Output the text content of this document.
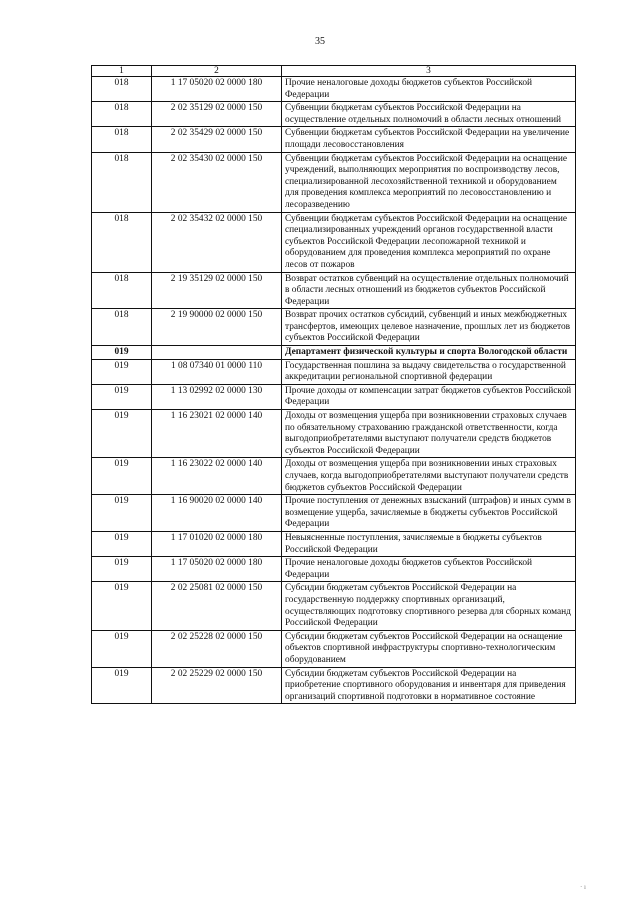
35
1	2	3
018	1 17 05020 02 0000 180	Прочие неналоговые доходы бюджетов субъектов Российской Федерации
018	2 02 35129 02 0000 150	Субвенции бюджетам субъектов Российской Федерации на осуществление отдельных полномочий в области лесных отношений
018	2 02 35429 02 0000 150	Субвенции бюджетам субъектов Российской Федерации на увеличение площади лесовосстановления
018	2 02 35430 02 0000 150	Субвенции бюджетам субъектов Российской Федерации на оснащение учреждений, выполняющих мероприятия по воспроизводству лесов, специализированной лесохозяйственной техникой и оборудованием для проведения комплекса мероприятий по лесовосстановлению и лесоразведению
018	2 02 35432 02 0000 150	Субвенции бюджетам субъектов Российской Федерации на оснащение специализированных учреждений органов государственной власти субъектов Российской Федерации лесопожарной техникой и оборудованием для проведения комплекса мероприятий по охране лесов от пожаров
018	2 19 35129 02 0000 150	Возврат остатков субвенций на осуществление отдельных полномочий в области лесных отношений из бюджетов субъектов Российской Федерации
018	2 19 90000 02 0000 150	Возврат прочих остатков субсидий, субвенций и иных межбюджетных трансфертов, имеющих целевое назначение, прошлых лет из бюджетов субъектов Российской Федерации
019		Департамент физической культуры и спорта Вологодской области
019	1 08 07340 01 0000 110	Государственная пошлина за выдачу свидетельства о государственной аккредитации региональной спортивной федерации
019	1 13 02992 02 0000 130	Прочие доходы от компенсации затрат бюджетов субъектов Российской Федерации
019	1 16 23021 02 0000 140	Доходы от возмещения ущерба при возникновении страховых случаев по обязательному страхованию гражданской ответственности, когда выгодоприобретателями выступают получатели средств бюджетов субъектов Российской Федерации
019	1 16 23022 02 0000 140	Доходы от возмещения ущерба при возникновении иных страховых случаев, когда выгодоприобретателями выступают получатели средств бюджетов субъектов Российской Федерации
019	1 16 90020 02 0000 140	Прочие поступления от денежных взысканий (штрафов) и иных сумм в возмещение ущерба, зачисляемые в бюджеты субъектов Российской Федерации
019	1 17 01020 02 0000 180	Невыясненные поступления, зачисляемые в бюджеты субъектов Российской Федерации
019	1 17 05020 02 0000 180	Прочие неналоговые доходы бюджетов субъектов Российской Федерации
019	2 02 25081 02 0000 150	Субсидии бюджетам субъектов Российской Федерации на государственную поддержку спортивных организаций, осуществляющих подготовку спортивного резерва для сборных команд Российской Федерации
019	2 02 25228 02 0000 150	Субсидии бюджетам субъектов Российской Федерации на оснащение объектов спортивной инфраструктуры спортивно-технологическим оборудованием
019	2 02 25229 02 0000 150	Субсидии бюджетам субъектов Российской Федерации на приобретение спортивного оборудования и инвентаря для приведения организаций спортивной подготовки в нормативное состояние
· ı
